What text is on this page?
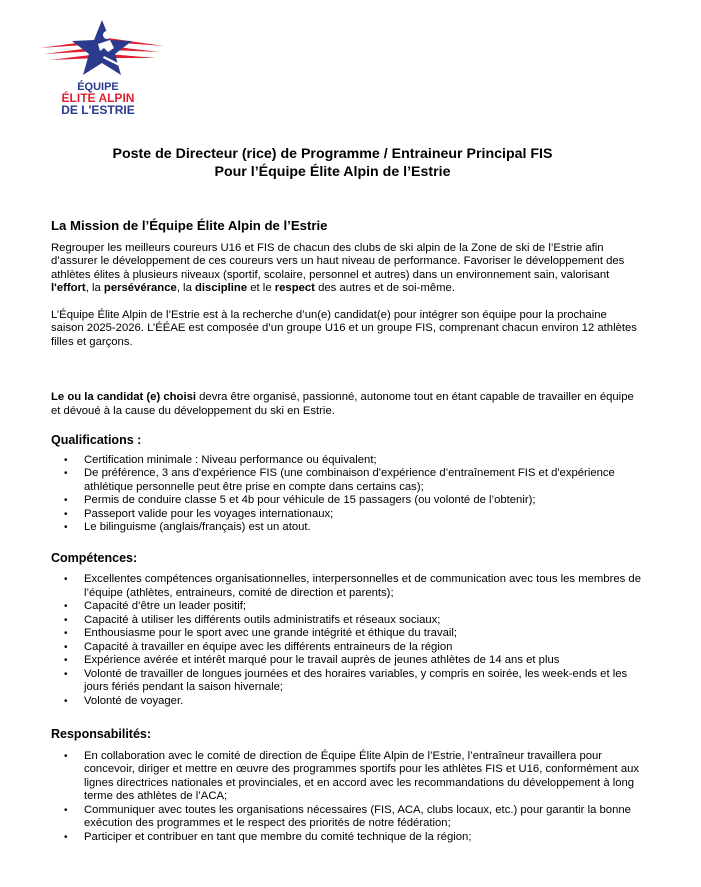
ÉQUIPE
ÉLITE ALPIN
DE L'ESTRIE
Poste de Directeur (rice) de Programme / Entraineur Principal FIS
Pour l’Équipe Élite Alpin de l’Estrie
La Mission de l’Équipe Élite Alpin de l’Estrie

Regrouper les meilleurs coureurs U16 et FIS de chacun des clubs de ski alpin de la Zone de ski de l’Estrie afin d’assurer le développement de ces coureurs vers un haut niveau de performance. Favoriser le développement des athlètes élites à plusieurs niveaux (sportif, scolaire, personnel et autres) dans un environnement sain, valorisant l'effort, la persévérance, la discipline et le respect des autres et de soi-même.

L’Équipe Élite Alpin de l’Estrie est à la recherche d’un(e) candidat(e) pour intégrer son équipe pour la prochaine saison 2025-2026. L’ÉÉAE est composée d’un groupe U16 et un groupe FIS, comprenant chacun environ 12 athlètes filles et garçons.

Le ou la candidat (e) choisi devra être organisé, passionné, autonome tout en étant capable de travailler en équipe et dévoué à la cause du développement du ski en Estrie.

Qualifications :
• Certification minimale : Niveau performance ou équivalent;
• De préférence, 3 ans d'expérience FIS (une combinaison d'expérience d’entraînement FIS et d'expérience athlétique personnelle peut être prise en compte dans certains cas);
• Permis de conduire classe 5 et 4b pour véhicule de 15 passagers (ou volonté de l’obtenir);
• Passeport valide pour les voyages internationaux;
• Le bilinguisme (anglais/français) est un atout.
Compétences:
• Excellentes compétences organisationnelles, interpersonnelles et de communication avec tous les membres de l’équipe (athlètes, entraineurs, comité de direction et parents);
• Capacité d’être un leader positif;
• Capacité à utiliser les différents outils administratifs et réseaux sociaux;
• Enthousiasme pour le sport avec une grande intégrité et éthique du travail;
• Capacité à travailler en équipe avec les différents entraineurs de la région
• Expérience avérée et intérêt marqué pour le travail auprès de jeunes athlètes de 14 ans et plus
• Volonté de travailler de longues journées et des horaires variables, y compris en soirée, les week-ends et les jours fériés pendant la saison hivernale;
• Volonté de voyager.
Responsabilités:
• En collaboration avec le comité de direction de Équipe Élite Alpin de l’Estrie, l’entraîneur travaillera pour concevoir, diriger et mettre en œuvre des programmes sportifs pour les athlètes FIS et U16, conformément aux lignes directrices nationales et provinciales, et en accord avec les recommandations du développement à long terme des athlètes de l’ACA;
• Communiquer avec toutes les organisations nécessaires (FIS, ACA, clubs locaux, etc.) pour garantir la bonne exécution des programmes et le respect des priorités de notre fédération;
• Participer et contribuer en tant que membre du comité technique de la région;
